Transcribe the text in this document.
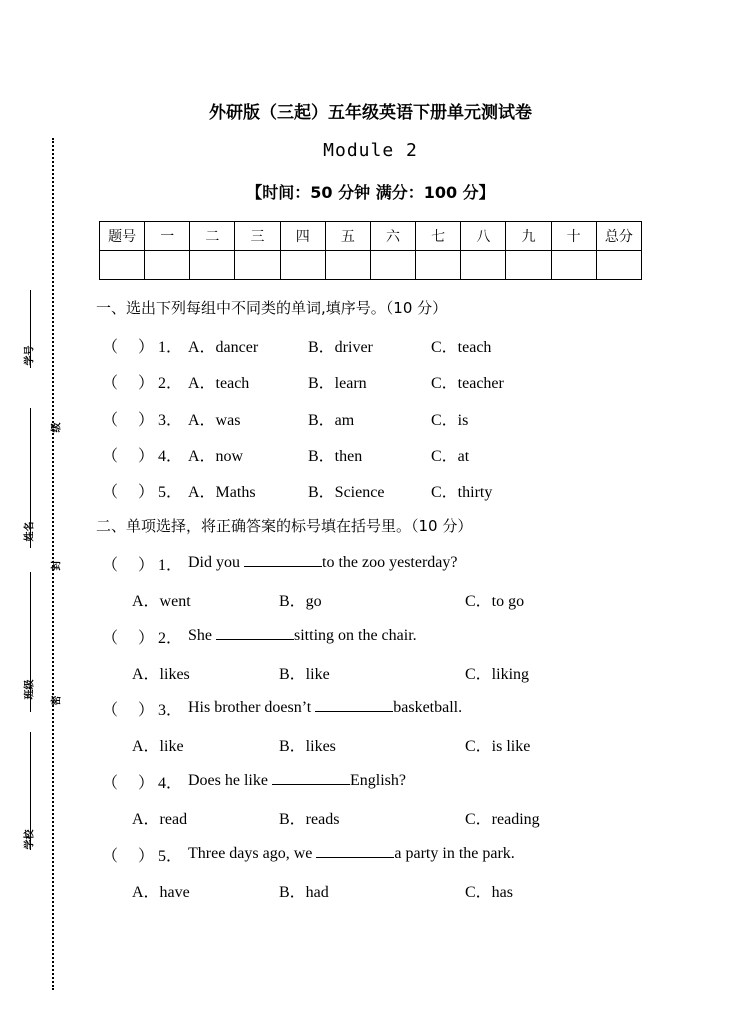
学号
级
姓名
封
班级
密
学校
外研版（三起）五年级英语下册单元测试卷
Module 2
【时间：50 分钟 满分：100 分】
题号	一	二	三	四	五	六	七	八	九	十	总分

一、选出下列每组中不同类的单词,填序号。（10 分）
（ ） 1． A．dancer	B．driver	C．teach
（ ） 2． A．teach	B．learn	C．teacher
（ ） 3． A．was	B．am	C．is
（ ） 4． A．now	B．then	C．at
（ ） 5． A．Maths	B．Science	C．thirty
二、单项选择，将正确答案的标号填在括号里。（10 分）
（ ） 1． Did you	to the zoo yesterday?
A．went	B．go	C．to go
（ ） 2． She	sitting on the chair.
A．likes	B．like	C．liking
（ ） 3． His brother doesn’t	basketball.
A．like	B．likes	C．is like
（ ） 4． Does he like	English?
A．read	B．reads	C．reading
（ ） 5． Three days ago, we	a party in the park.
A．have	B．had	C．has
